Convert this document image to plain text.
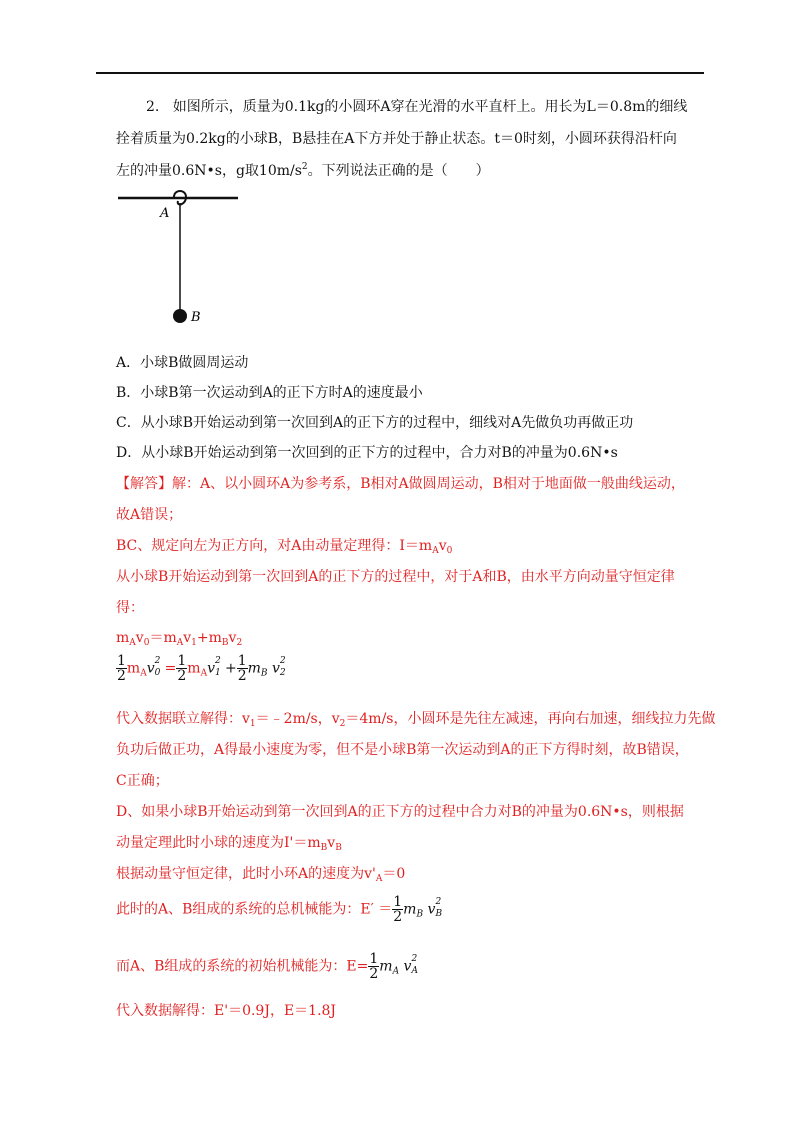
2. 如图所示，质量为0.1kg的小圆环A穿在光滑的水平直杆上。用长为L＝0.8m的细线
拴着质量为0.2kg的小球B，B悬挂在A下方并处于静止状态。t＝0时刻，小圆环获得沿杆向
左的冲量0.6N•s，g取$10m/s^2$。下列说法正确的是（　　）
A
B
A．小球B做圆周运动
B．小球B第一次运动到A的正下方时A的速度最小
C．从小球B开始运动到第一次回到A的正下方的过程中，细线对A先做负功再做正功
D．从小球B开始运动到第一次回到的正下方的过程中，合力对B的冲量为0.6N•s
【解答】解：A、以小圆环A为参考系，B相对A做圆周运动，B相对于地面做一般曲线运动，
故A错误；
BC、规定向左为正方向，对A由动量定理得：$I=m_Av_0$
从小球B开始运动到第一次回到A的正下方的过程中，对于A和B，由水平方向动量守恒定律
得：
$m_Av_0=m_Av_1+m_Bv_2$
$\frac{1}{2} m_Av$ 2
$0 = \frac{1}{2} m_Av$ 2
$1 + \frac{1}{2} m_B$ v 2
2
代入数据联立解得：$v_1=﹣2m/s$，$v_2=4m/s$，小圆环是先往左减速，再向右加速，细线拉力先做
负功后做正功，A得最小速度为零，但不是小球B第一次运动到A的正下方得时刻，故B错误，
C正确；
D、如果小球B开始运动到第一次回到A的正下方的过程中合力对B的冲量为0.6N•s，则根据
动量定理此时小球的速度为$I'=m_Bv_B$
根据动量守恒定律，此时小环A的速度为$v'_A=0$
此时的A、B组成的系统的总机械能为：$E' = \frac{1}{2} m_B$ v 2
B
而A、B组成的系统的初始机械能为：$E= \frac{1}{2} m_A$ v 2
A
代入数据解得：E'＝0.9J，E＝1.8J
